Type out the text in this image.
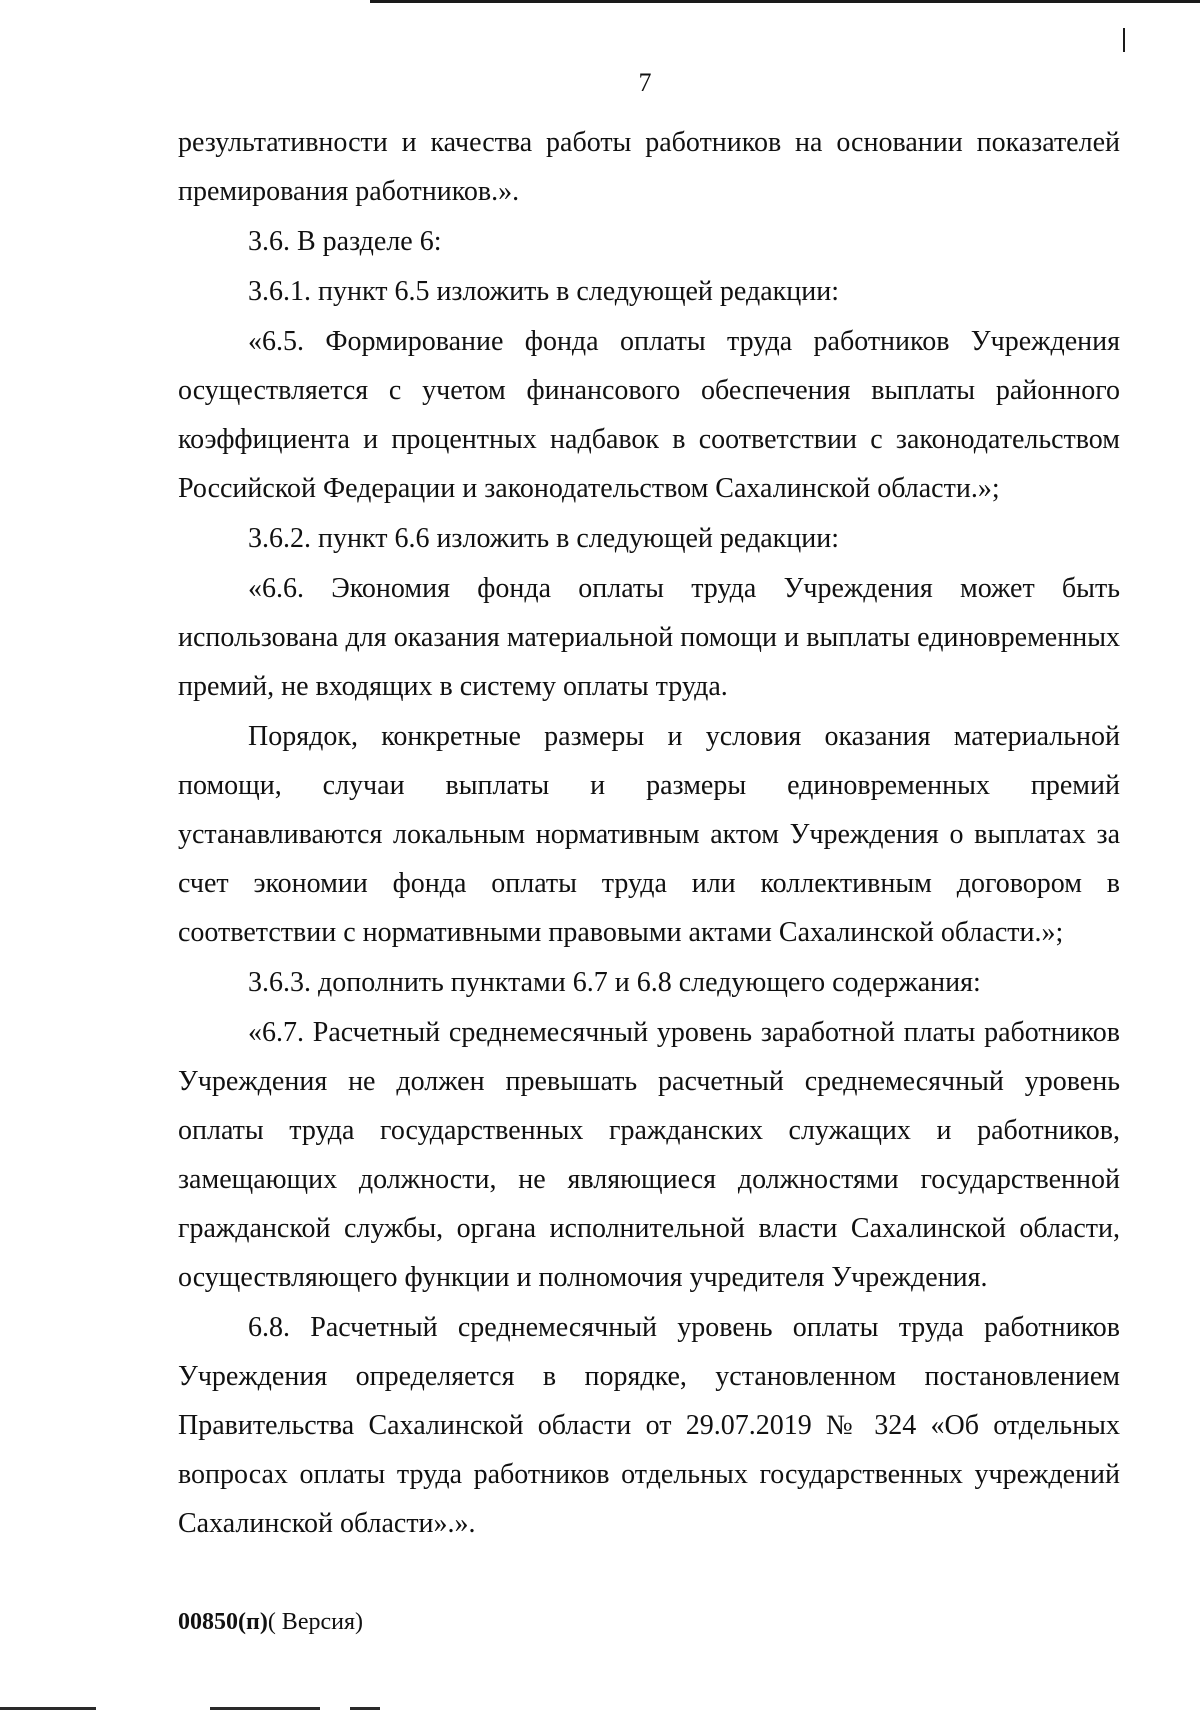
7

результативности и качества работы работников на основании показателей премирования работников.».

3.6. В разделе 6:

3.6.1. пункт 6.5 изложить в следующей редакции:

«6.5. Формирование фонда оплаты труда работников Учреждения осуществляется с учетом финансового обеспечения выплаты районного коэффициента и процентных надбавок в соответствии с законодательством Российской Федерации и законодательством Сахалинской области.»;

3.6.2. пункт 6.6 изложить в следующей редакции:

«6.6. Экономия фонда оплаты труда Учреждения может быть использована для оказания материальной помощи и выплаты единовременных премий, не входящих в систему оплаты труда.

Порядок, конкретные размеры и условия оказания материальной помощи, случаи выплаты и размеры единовременных премий устанавливаются локальным нормативным актом Учреждения о выплатах за счет экономии фонда оплаты труда или коллективным договором в соответствии с нормативными правовыми актами Сахалинской области.»;

3.6.3. дополнить пунктами 6.7 и 6.8 следующего содержания:

«6.7. Расчетный среднемесячный уровень заработной платы работников Учреждения не должен превышать расчетный среднемесячный уровень оплаты труда государственных гражданских служащих и работников, замещающих должности, не являющиеся должностями государственной гражданской службы, органа исполнительной власти Сахалинской области, осуществляющего функции и полномочия учредителя Учреждения.

6.8. Расчетный среднемесячный уровень оплаты труда работников Учреждения определяется в порядке, установленном постановлением Правительства Сахалинской области от 29.07.2019 № 324 «Об отдельных вопросах оплаты труда работников отдельных государственных учреждений Сахалинской области».».

00850(п)( Версия)
